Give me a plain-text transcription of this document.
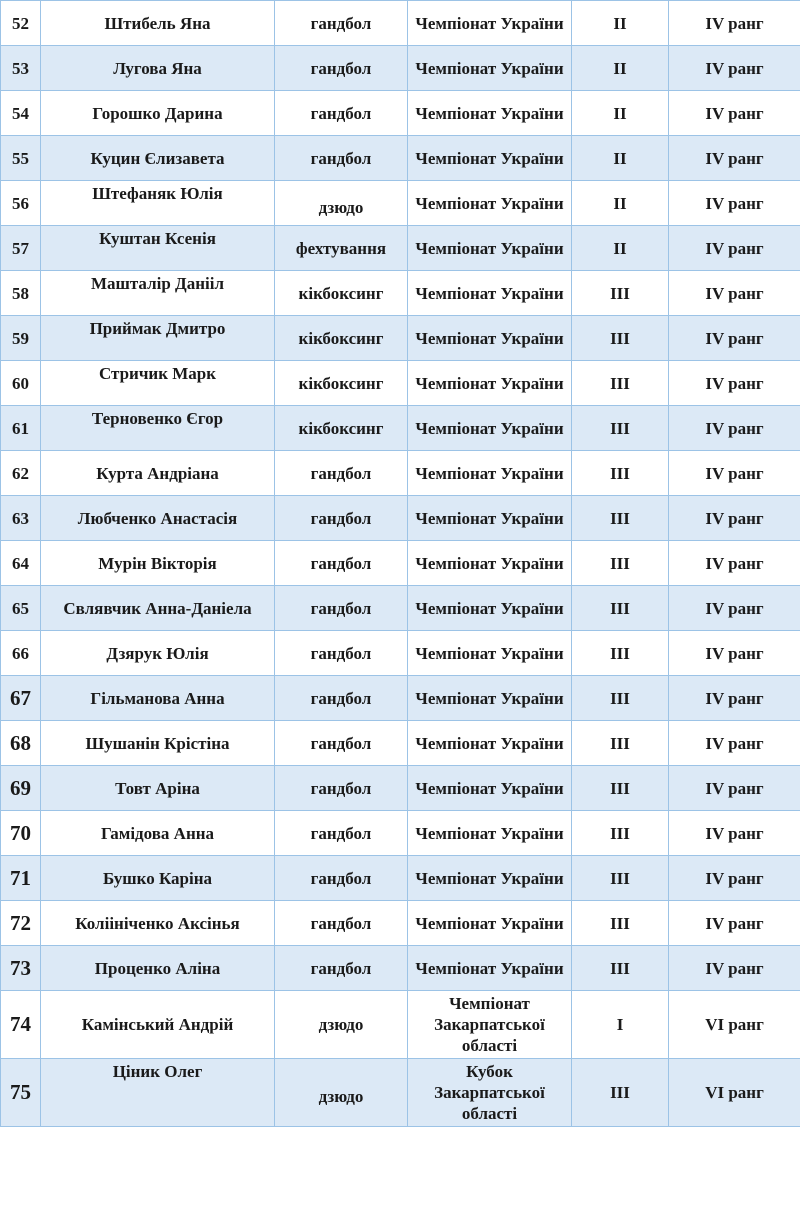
52	Штибель Яна	гандбол	Чемпіонат України	II	IV ранг
53	Лугова Яна	гандбол	Чемпіонат України	II	IV ранг
54	Горошко Дарина	гандбол	Чемпіонат України	II	IV ранг
55	Куцин Єлизавета	гандбол	Чемпіонат України	II	IV ранг
56	Штефаняк Юлія	дзюдо	Чемпіонат України	II	IV ранг
57	Куштан Ксенія	фехтування	Чемпіонат України	II	IV ранг
58	Машталір Данііл	кікбоксинг	Чемпіонат України	III	IV ранг
59	Приймак Дмитро	кікбоксинг	Чемпіонат України	III	IV ранг
60	Стричик Марк	кікбоксинг	Чемпіонат України	III	IV ранг
61	Терновенко Єгор	кікбоксинг	Чемпіонат України	III	IV ранг
62	Курта Андріана	гандбол	Чемпіонат України	III	IV ранг
63	Любченко Анастасія	гандбол	Чемпіонат України	III	IV ранг
64	Мурін Вікторія	гандбол	Чемпіонат України	III	IV ранг
65	Свлявчик Анна-Даніела	гандбол	Чемпіонат України	III	IV ранг
66	Дзярук Юлія	гандбол	Чемпіонат України	III	IV ранг
67	Гільманова Анна	гандбол	Чемпіонат України	III	IV ранг
68	Шушанін Крістіна	гандбол	Чемпіонат України	III	IV ранг
69	Товт Аріна	гандбол	Чемпіонат України	III	IV ранг
70	Гамідова Анна	гандбол	Чемпіонат України	III	IV ранг
71	Бушко Каріна	гандбол	Чемпіонат України	III	IV ранг
72	Коліініченко Аксінья	гандбол	Чемпіонат України	III	IV ранг
73	Проценко Аліна	гандбол	Чемпіонат України	III	IV ранг
74	Камінський Андрій	дзюдо	Чемпіонат Закарпатської області	I	VI ранг
75	Ціник Олег	дзюдо	Кубок Закарпатської області	III	VI ранг
